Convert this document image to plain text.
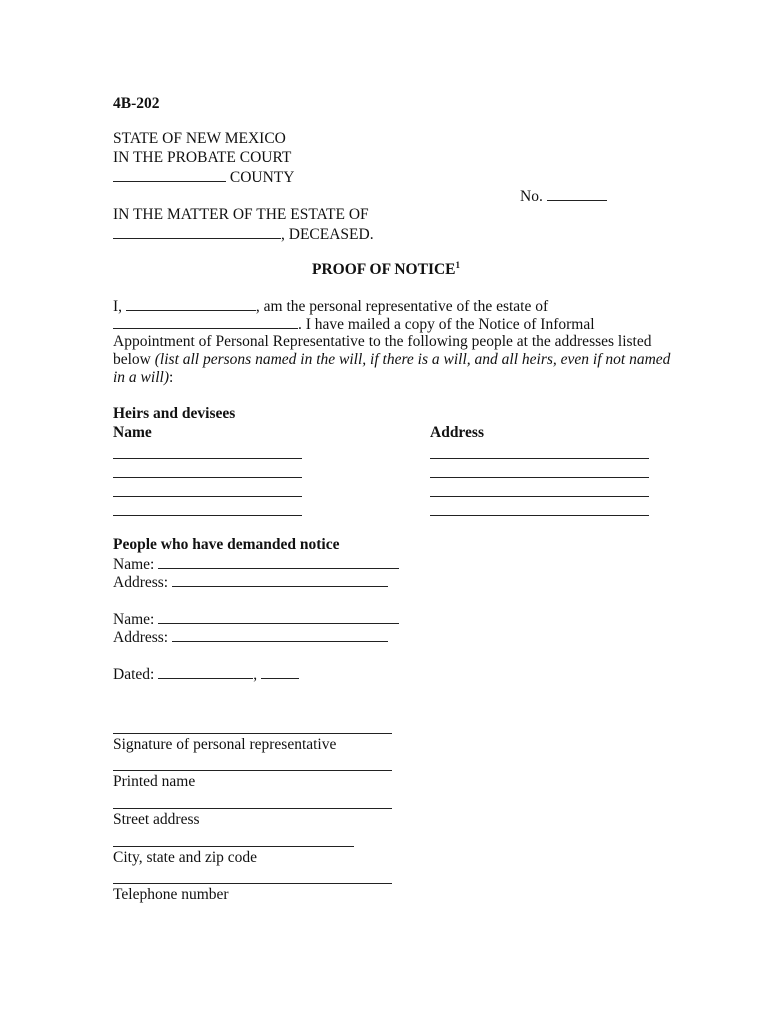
4B-202
STATE OF NEW MEXICO
IN THE PROBATE COURT
COUNTY
No.
IN THE MATTER OF THE ESTATE OF
, DECEASED.
PROOF OF NOTICE$^1$
I,	, am the personal representative of the estate of
. I have mailed a copy of the Notice of Informal
Appointment of Personal Representative to the following people at the addresses listed
below (list all persons named in the will, if there is a will, and all heirs, even if not named
in a will):
Heirs and devisees
Name	Address
People who have demanded notice
Name:
Address:
Name:
Address:
Dated:	,
Signature of personal representative
Printed name
Street address
City, state and zip code
Telephone number
